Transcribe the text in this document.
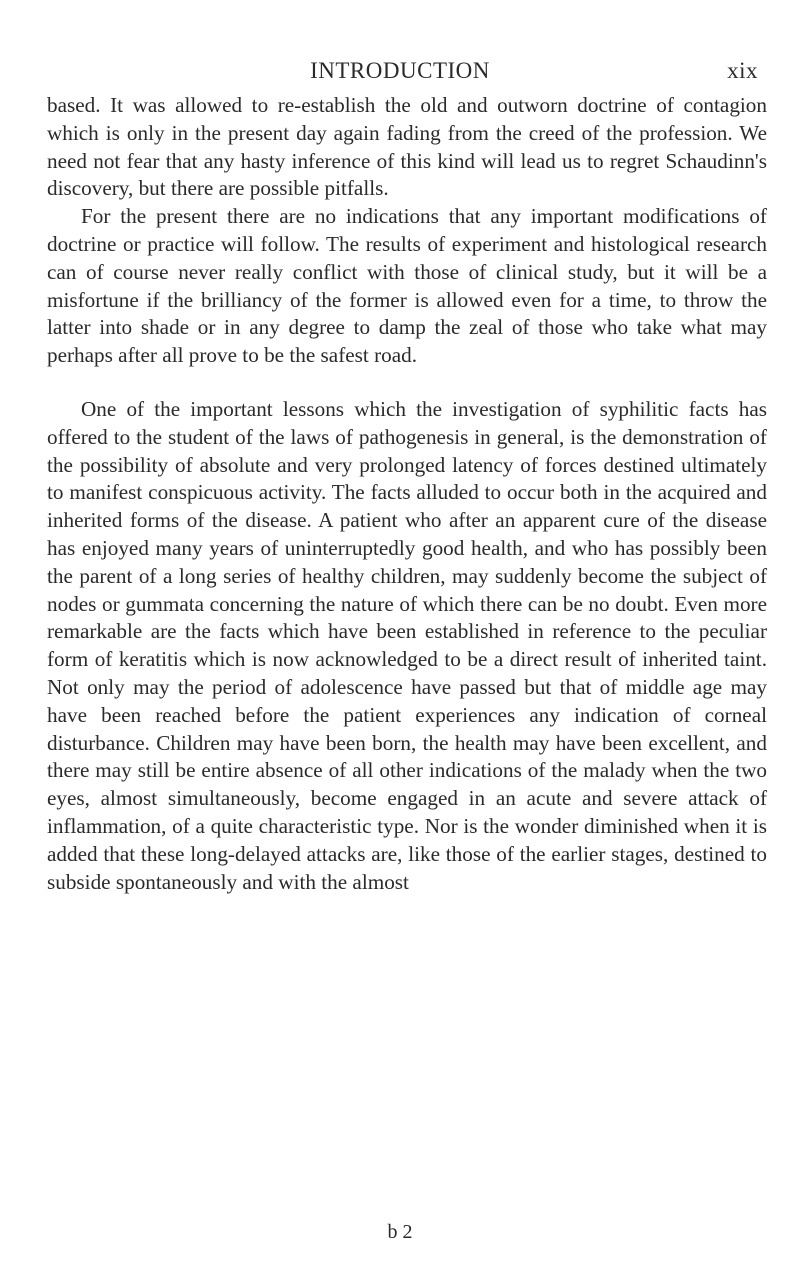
INTRODUCTION	xix

based. It was allowed to re-establish the old and outworn doctrine of contagion which is only in the present day again fading from the creed of the profession. We need not fear that any hasty inference of this kind will lead us to regret Schaudinn's discovery, but there are possible pitfalls.

For the present there are no indications that any important modifications of doctrine or practice will follow. The results of experiment and histological research can of course never really conflict with those of clinical study, but it will be a misfortune if the brilliancy of the former is allowed even for a time, to throw the latter into shade or in any degree to damp the zeal of those who take what may perhaps after all prove to be the safest road.

One of the important lessons which the investigation of syphilitic facts has offered to the student of the laws of pathogenesis in general, is the demonstration of the possibility of absolute and very prolonged latency of forces destined ultimately to manifest conspicuous activity. The facts alluded to occur both in the acquired and inherited forms of the disease. A patient who after an apparent cure of the disease has enjoyed many years of uninterruptedly good health, and who has possibly been the parent of a long series of healthy children, may suddenly become the subject of nodes or gummata concerning the nature of which there can be no doubt. Even more remarkable are the facts which have been established in reference to the peculiar form of keratitis which is now acknowledged to be a direct result of inherited taint. Not only may the period of adolescence have passed but that of middle age may have been reached before the patient experiences any indication of corneal disturbance. Children may have been born, the health may have been excellent, and there may still be entire absence of all other indications of the malady when the two eyes, almost simultaneously, become engaged in an acute and severe attack of inflammation, of a quite characteristic type. Nor is the wonder diminished when it is added that these long-delayed attacks are, like those of the earlier stages, destined to subside spontaneously and with the almost

b 2
